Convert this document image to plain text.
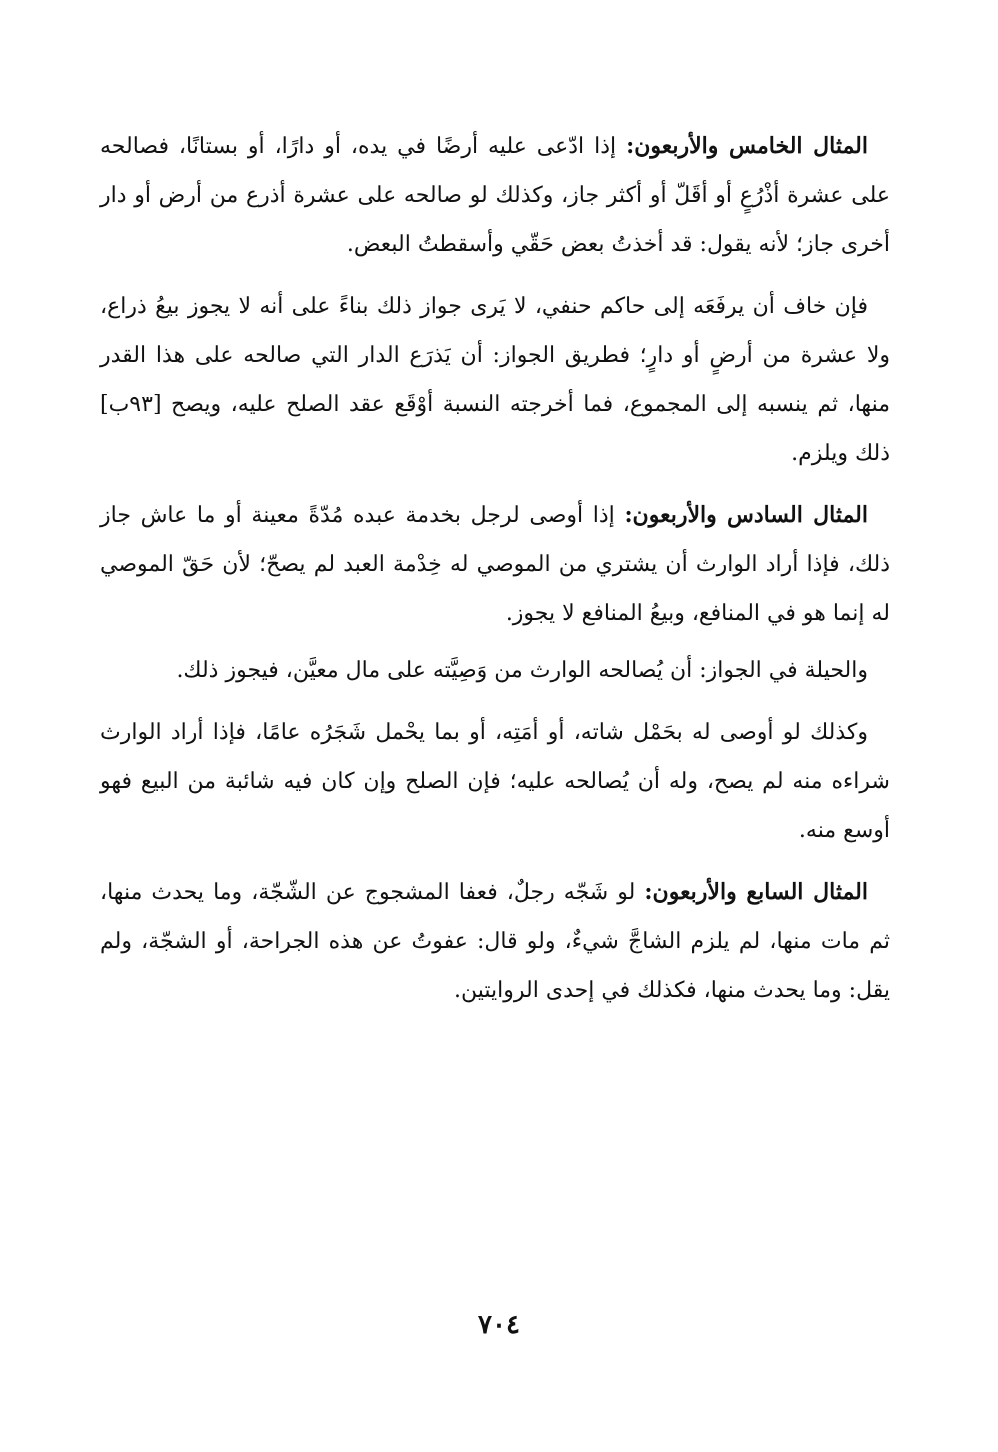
المثال الخامس والأربعون: إذا ادّعى عليه أرضًا في يده، أو دارًا، أو بستانًا، فصالحه على عشرة أذْرُعٍ أو أقَلّ أو أكثر جاز، وكذلك لو صالحه على عشرة أذرع من أرض أو دار أخرى جاز؛ لأنه يقول: قد أخذتُ بعض حَقّي وأسقطتُ البعض.

فإن خاف أن يرفَعَه إلى حاكم حنفي، لا يَرى جواز ذلك بناءً على أنه لا يجوز بيعُ ذراع، ولا عشرة من أرضٍ أو دارٍ؛ فطريق الجواز: أن يَذرَع الدار التي صالحه على هذا القدر منها، ثم ينسبه إلى المجموع، فما أخرجته النسبة أوْقَع عقد الصلح عليه، ويصح [٩٣ب] ذلك ويلزم.

المثال السادس والأربعون: إذا أوصى لرجل بخدمة عبده مُدّةً معينة أو ما عاش جاز ذلك، فإذا أراد الوارث أن يشتري من الموصي له خِدْمة العبد لم يصحّ؛ لأن حَقّ الموصي له إنما هو في المنافع، وبيعُ المنافع لا يجوز.

والحيلة في الجواز: أن يُصالحه الوارث من وَصِيَّته على مال معيَّن، فيجوز ذلك.

وكذلك لو أوصى له بحَمْل شاته، أو أمَتِه، أو بما يحْمل شَجَرُه عامًا، فإذا أراد الوارث شراءه منه لم يصح، وله أن يُصالحه عليه؛ فإن الصلح وإن كان فيه شائبة من البيع فهو أوسع منه.

المثال السابع والأربعون: لو شَجّه رجلٌ، فعفا المشجوج عن الشّجّة، وما يحدث منها، ثم مات منها، لم يلزم الشاجَّ شيءٌ، ولو قال: عفوتُ عن هذه الجراحة، أو الشجّة، ولم يقل: وما يحدث منها، فكذلك في إحدى الروايتين.

٧٠٤
